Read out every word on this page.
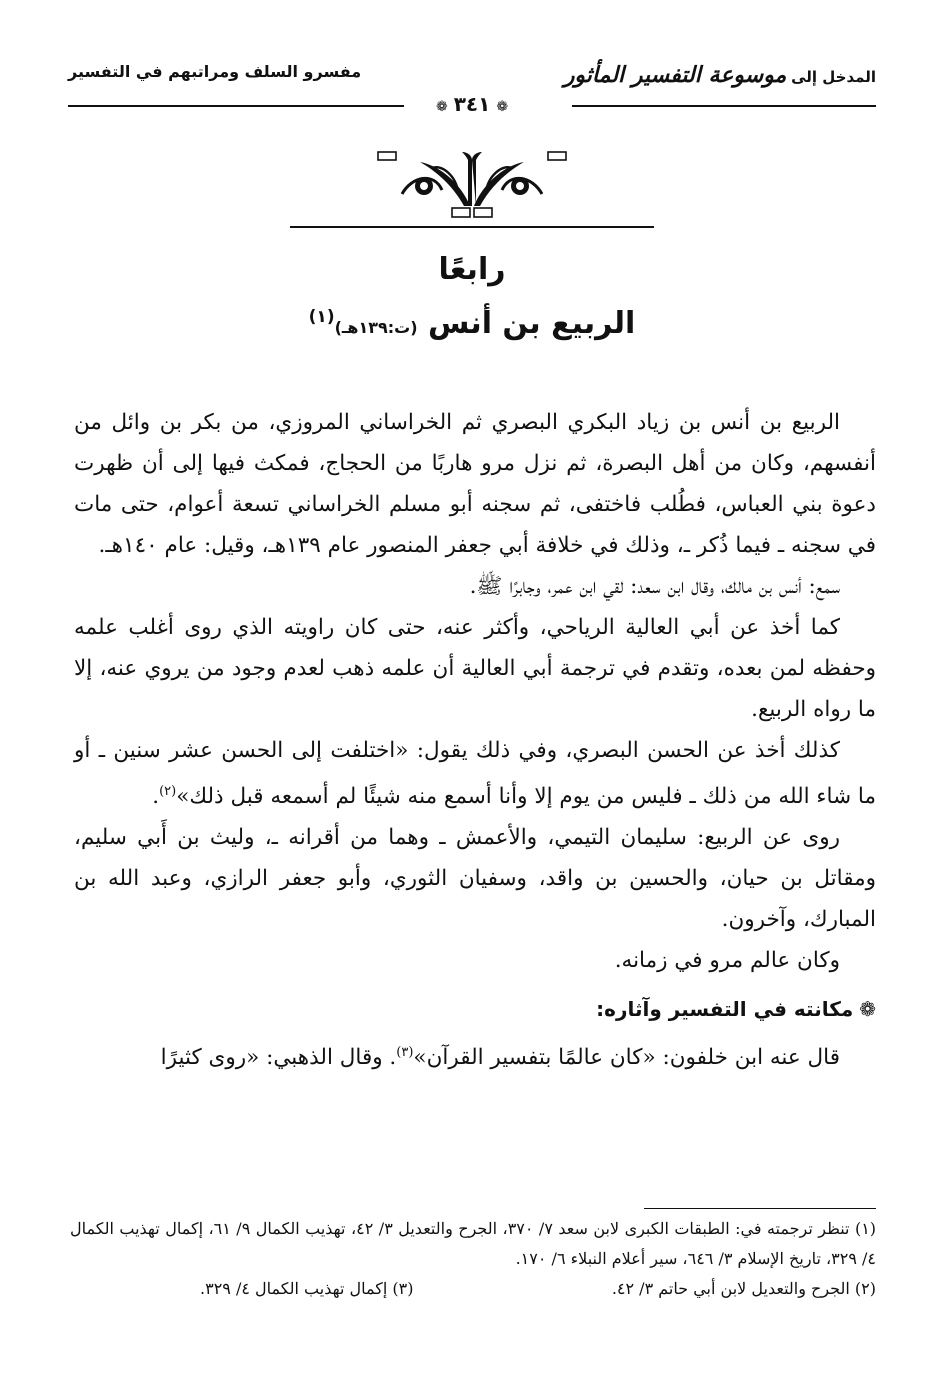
المدخل إلى موسوعة التفسير المأثور
مفسرو السلف ومراتبهم في التفسير
❁٣٤١❁
رابعًا
الربيع بن أنس (ت:١٣٩هـ)$^{(١)}$

الربيع بن أنس بن زياد البكري البصري ثم الخراساني المروزي، من بكر بن وائل من أنفسهم، وكان من أهل البصرة، ثم نزل مرو هاربًا من الحجاج، فمكث فيها إلى أن ظهرت دعوة بني العباس، فطُلب فاختفى، ثم سجنه أبو مسلم الخراساني تسعة أعوام، حتى مات في سجنه ـ فيما ذُكر ـ، وذلك في خلافة أبي جعفر المنصور عام ١٣٩هـ، وقيل: عام ١٤٠هـ.

سمع: أنس بن مالك، وقال ابن سعد: لقي ابن عمر، وجابرًا ﷺ.

كما أخذ عن أبي العالية الرياحي، وأكثر عنه، حتى كان راويته الذي روى أغلب علمه وحفظه لمن بعده، وتقدم في ترجمة أبي العالية أن علمه ذهب لعدم وجود من يروي عنه، إلا ما رواه الربيع.

كذلك أخذ عن الحسن البصري، وفي ذلك يقول: «اختلفت إلى الحسن عشر سنين ـ أو ما شاء الله من ذلك ـ فليس من يوم إلا وأنا أسمع منه شيئًا لم أسمعه قبل ذلك»$^{(٢)}$.

روى عن الربيع: سليمان التيمي، والأعمش ـ وهما من أقرانه ـ، وليث بن أَبي سليم، ومقاتل بن حيان، والحسين بن واقد، وسفيان الثوري، وأبو جعفر الرازي، وعبد الله بن المبارك، وآخرون.

وكان عالم مرو في زمانه.

❁مكانته في التفسير وآثاره:

قال عنه ابن خلفون: «كان عالمًا بتفسير القرآن»$^{(٣)}$. وقال الذهبي: «روى كثيرًا

(١) تنظر ترجمته في: الطبقات الكبرى لابن سعد ٧/ ٣٧٠، الجرح والتعديل ٣/ ٤٢، تهذيب الكمال ٩/ ٦١، إكمال تهذيب الكمال ٤/ ٣٢٩، تاريخ الإسلام ٣/ ٦٤٦، سير أعلام النبلاء ٦/ ١٧٠.

(٢) الجرح والتعديل لابن أبي حاتم ٣/ ٤٢.
(٣) إكمال تهذيب الكمال ٤/ ٣٢٩.
